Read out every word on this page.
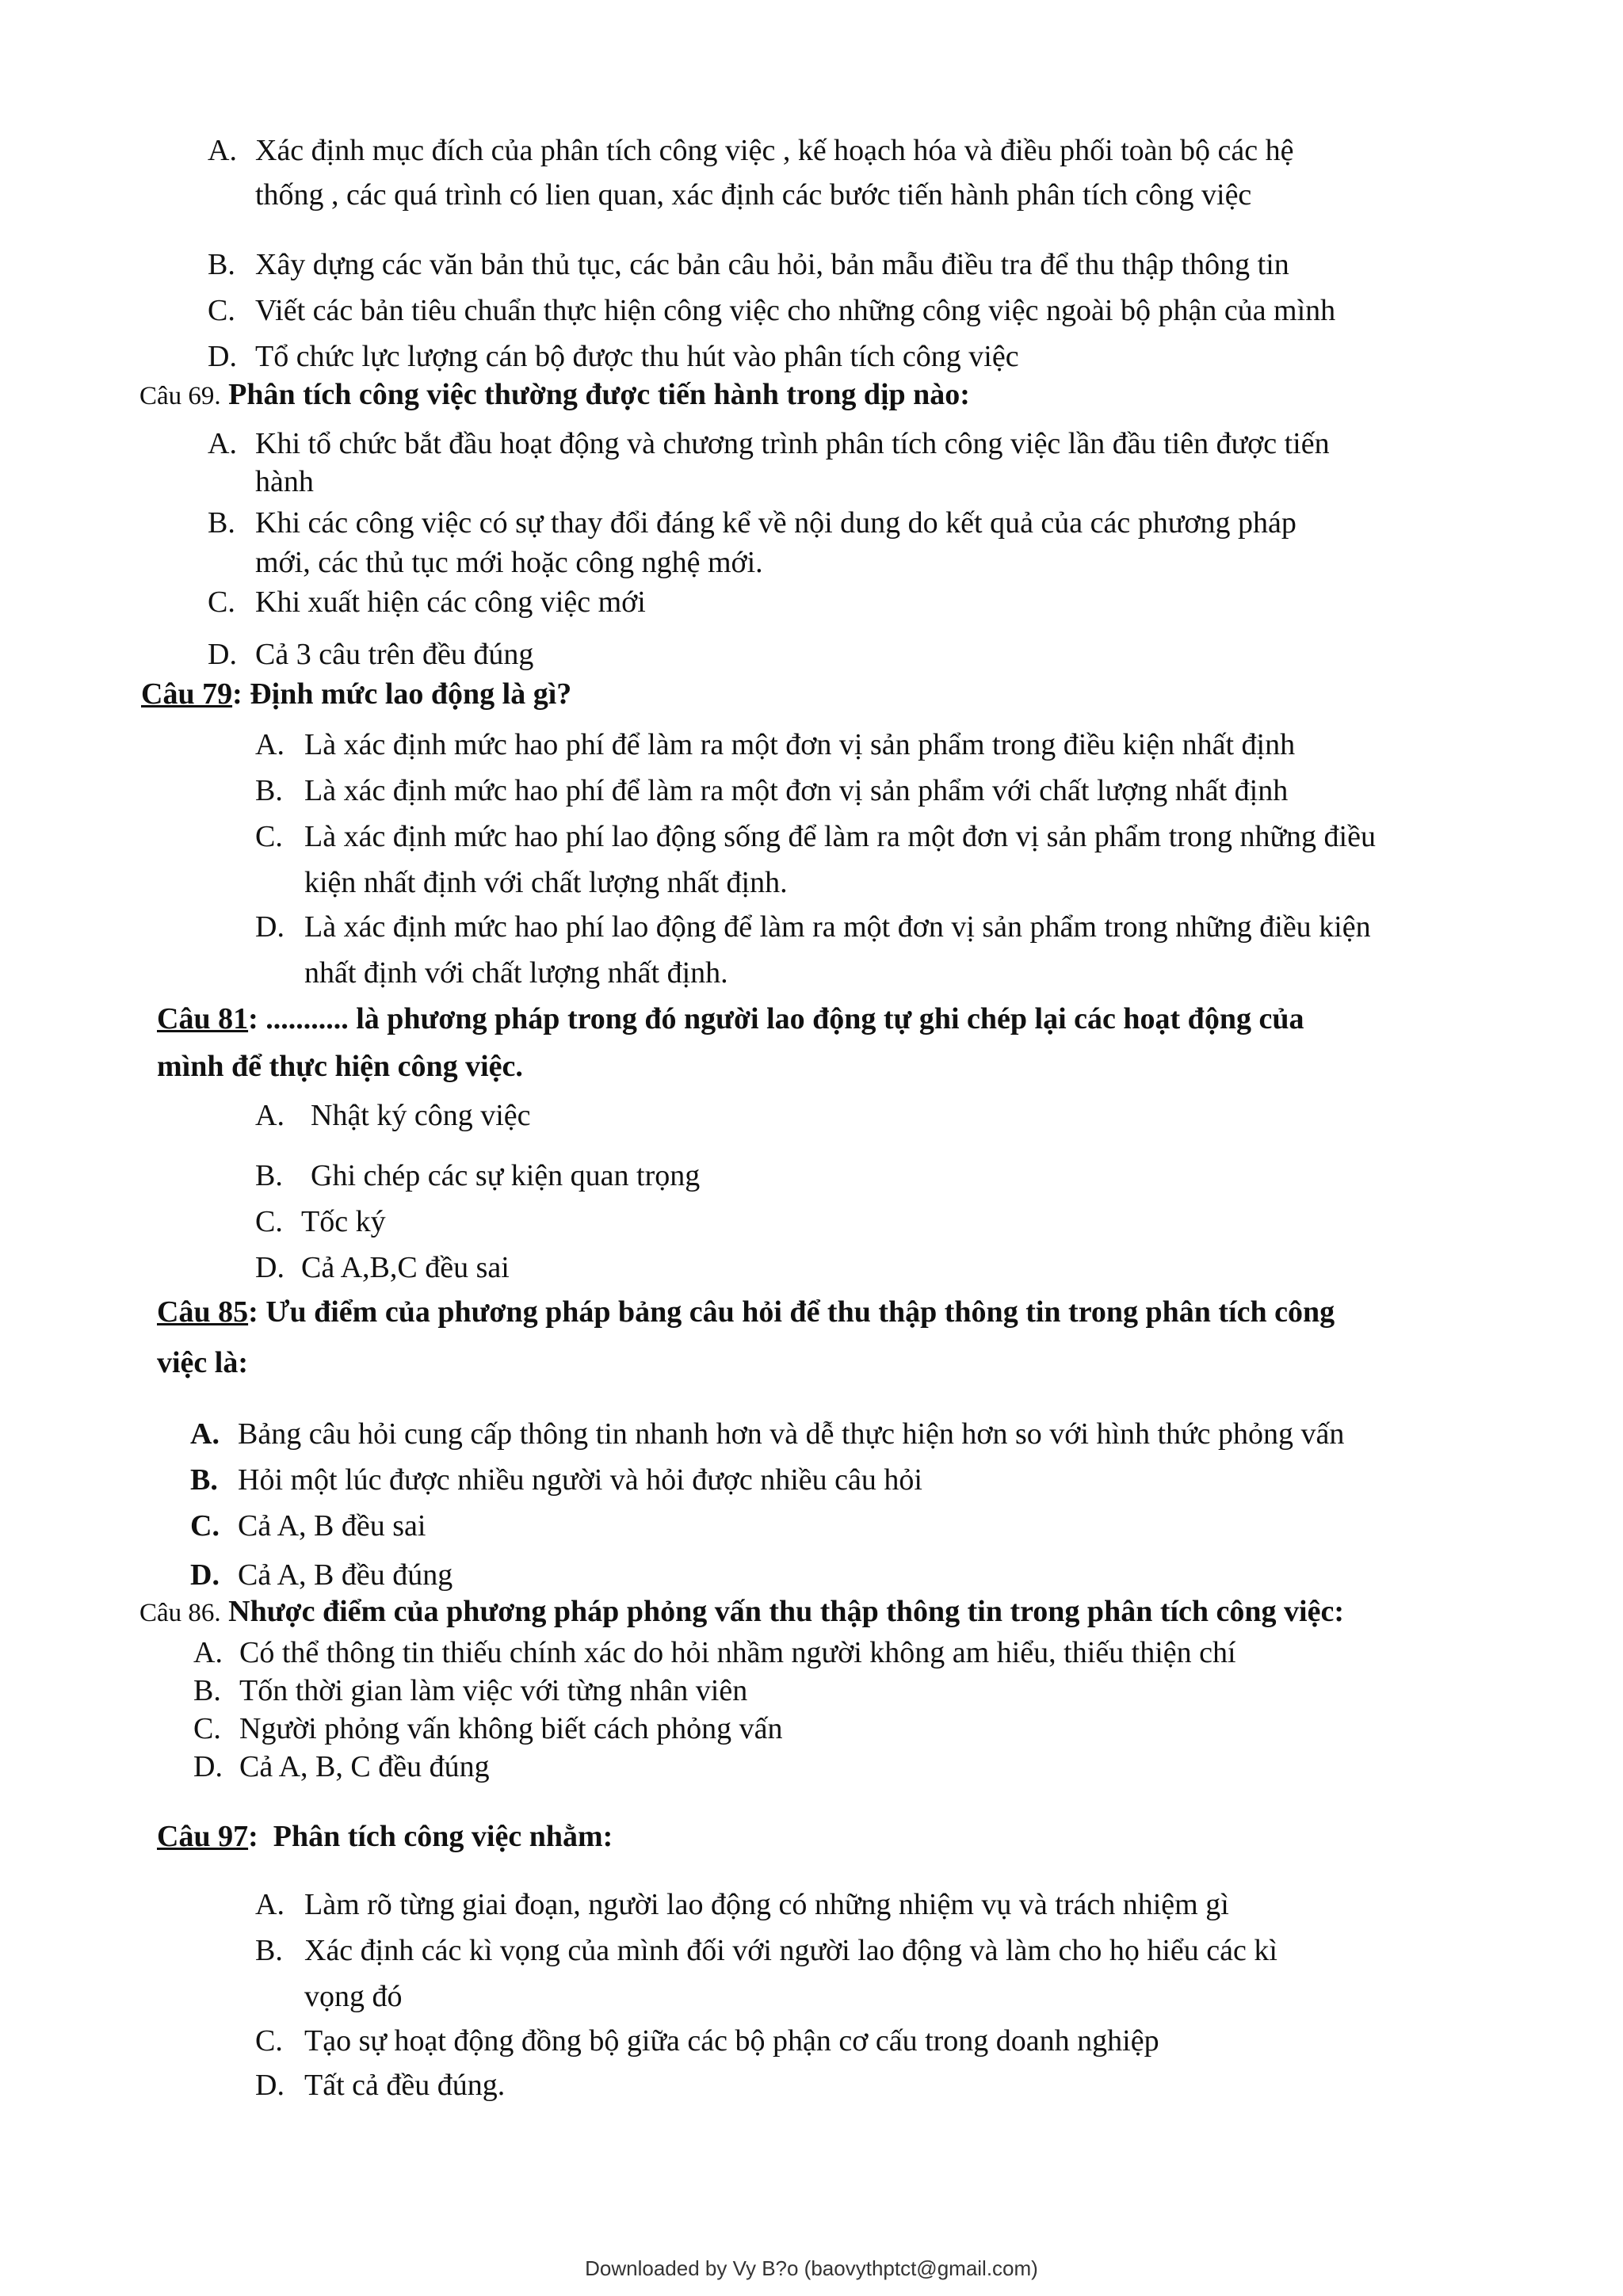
A. Xác định mục đích của phân tích công việc , kế hoạch hóa và điều phối toàn bộ các hệ
thống , các quá trình có lien quan, xác định các bước tiến hành phân tích công việc
B. Xây dựng các văn bản thủ tục, các bản câu hỏi, bản mẫu điều tra để thu thập thông tin
C. Viết các bản tiêu chuẩn thực hiện công việc cho những công việc ngoài bộ phận của mình
D. Tổ chức lực lượng cán bộ được thu hút vào phân tích công việc
Câu 69. Phân tích công việc thường được tiến hành trong dịp nào:
A. Khi tổ chức bắt đầu hoạt động và chương trình phân tích công việc lần đầu tiên được tiến
hành
B. Khi các công việc có sự thay đổi đáng kể về nội dung do kết quả của các phương pháp
mới, các thủ tục mới hoặc công nghệ mới.
C. Khi xuất hiện các công việc mới
D. Cả 3 câu trên đều đúng
Câu 79: Định mức lao động là gì?
A. Là xác định mức hao phí để làm ra một đơn vị sản phẩm trong điều kiện nhất định
B. Là xác định mức hao phí để làm ra một đơn vị sản phẩm với chất lượng nhất định
C. Là xác định mức hao phí lao động sống để làm ra một đơn vị sản phẩm trong những điều
kiện nhất định với chất lượng nhất định.
D. Là xác định mức hao phí lao động để làm ra một đơn vị sản phẩm trong những điều kiện
nhất định với chất lượng nhất định.
Câu 81: ........... là phương pháp trong đó người lao động tự ghi chép lại các hoạt động của
mình để thực hiện công việc.
A. Nhật ký công việc
B. Ghi chép các sự kiện quan trọng
C. Tốc ký
D. Cả A,B,C đều sai
Câu 85: Ưu điểm của phương pháp bảng câu hỏi để thu thập thông tin trong phân tích công
việc là:
A. Bảng câu hỏi cung cấp thông tin nhanh hơn và dễ thực hiện hơn so với hình thức phỏng vấn
B. Hỏi một lúc được nhiều người và hỏi được nhiều câu hỏi
C. Cả A, B đều sai
D. Cả A, B đều đúng
Câu 86. Nhược điểm của phương pháp phỏng vấn thu thập thông tin trong phân tích công việc:
A. Có thể thông tin thiếu chính xác do hỏi nhầm người không am hiểu, thiếu thiện chí
B. Tốn thời gian làm việc với từng nhân viên
C. Người phỏng vấn không biết cách phỏng vấn
D. Cả A, B, C đều đúng
Câu 97:  Phân tích công việc nhằm:
A. Làm rõ từng giai đoạn, người lao động có những nhiệm vụ và trách nhiệm gì
B. Xác định các kì vọng của mình đối với người lao động và làm cho họ hiểu các kì
vọng đó
C. Tạo sự hoạt động đồng bộ giữa các bộ phận cơ cấu trong doanh nghiệp
D. Tất cả đều đúng.
Downloaded by Vy B?o (baovythptct@gmail.com)
